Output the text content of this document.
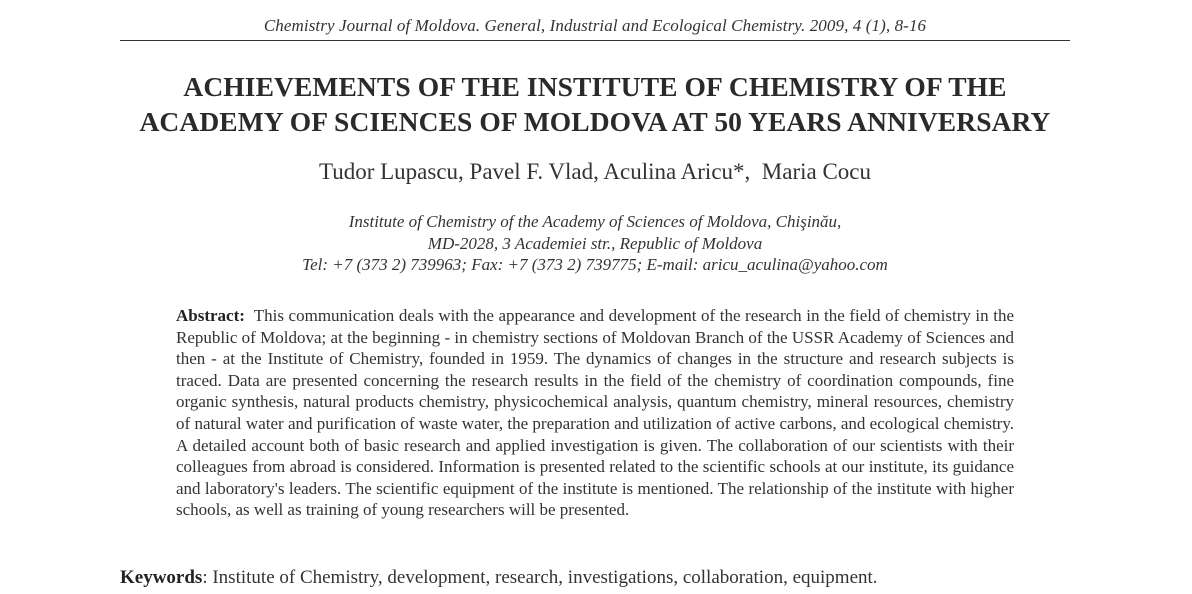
Chemistry Journal of Moldova. General, Industrial and Ecological Chemistry. 2009, 4 (1), 8-16
ACHIEVEMENTS OF THE INSTITUTE OF CHEMISTRY OF THE
ACADEMY OF SCIENCES OF MOLDOVA AT 50 YEARS ANNIVERSARY
Tudor Lupascu, Pavel F. Vlad, Aculina Aricu*,  Maria Cocu
Institute of Chemistry of the Academy of Sciences of Moldova, Chişinău,
MD-2028, 3 Academiei str., Republic of Moldova
Tel: +7 (373 2) 739963; Fax: +7 (373 2) 739775; E-mail: aricu_aculina@yahoo.com
Abstract: This communication deals with the appearance and development of the research in the field of chemistry in the Republic of Moldova; at the beginning - in chemistry sections of Moldovan Branch of the USSR Academy of Sciences and then - at the Institute of Chemistry, founded in 1959. The dynamics of changes in the structure and research subjects is traced. Data are presented concerning the research results in the field of the chemistry of coordination compounds, fine organic synthesis, natural products chemistry, physicochemical analysis, quantum chemistry, mineral resources, chemistry of natural water and purification of waste water, the preparation and utilization of active carbons, and ecological chemistry. A detailed account both of basic research and applied investigation is given. The collaboration of our scientists with their colleagues from abroad is considered. Information is presented related to the scientific schools at our institute, its guidance and laboratory's leaders. The scientific equipment of the institute is mentioned. The relationship of the institute with higher schools, as well as training of young researchers will be presented.
Keywords: Institute of Chemistry, development, research, investigations, collaboration, equipment.
